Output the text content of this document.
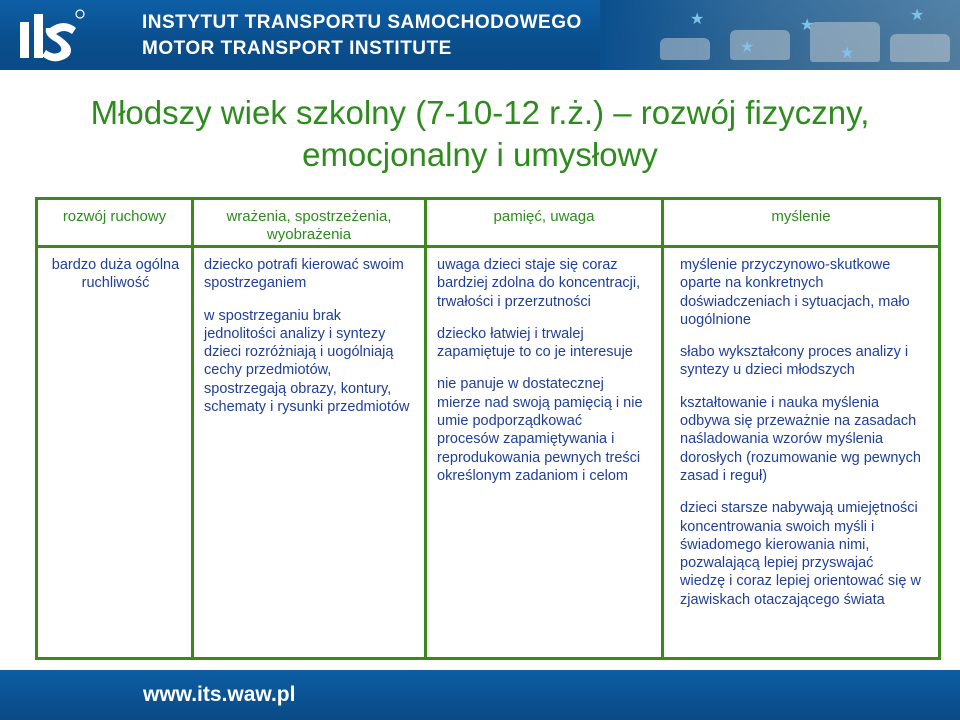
INSTYTUT TRANSPORTU SAMOCHODOWEGO
MOTOR TRANSPORT INSTITUTE
★
★
★
★
★
Młodszy wiek szkolny (7-10-12 r.ż.) – rozwój fizyczny,
emocjonalny i umysłowy
rozwój ruchowy

bardzo duża ogólna ruchliwość

wrażenia, spostrzeżenia, wyobrażenia

dziecko potrafi kierować swoim spostrzeganiem

w spostrzeganiu brak jednolitości analizy i syntezy dzieci rozróżniają i uogólniają cechy przedmiotów, spostrzegają obrazy, kontury, schematy i rysunki przedmiotów

pamięć, uwaga

uwaga dzieci staje się coraz bardziej zdolna do koncentracji, trwałości i przerzutności

dziecko łatwiej i trwalej zapamiętuje to co je interesuje

nie panuje w dostatecznej mierze nad swoją pamięcią i nie umie podporządkować procesów zapamiętywania i reprodukowania pewnych treści określonym zadaniom i celom

myślenie

myślenie przyczynowo-skutkowe oparte na konkretnych doświadczeniach i sytuacjach, mało uogólnione

słabo wykształcony proces analizy i syntezy u dzieci młodszych

kształtowanie i nauka myślenia odbywa się przeważnie na zasadach naśladowania wzorów myślenia dorosłych (rozumowanie wg pewnych zasad i reguł)

dzieci starsze nabywają umiejętności koncentrowania swoich myśli i świadomego kierowania nimi, pozwalającą lepiej przyswajać wiedzę i coraz lepiej orientować się w zjawiskach otaczającego świata

www.its.waw.pl
